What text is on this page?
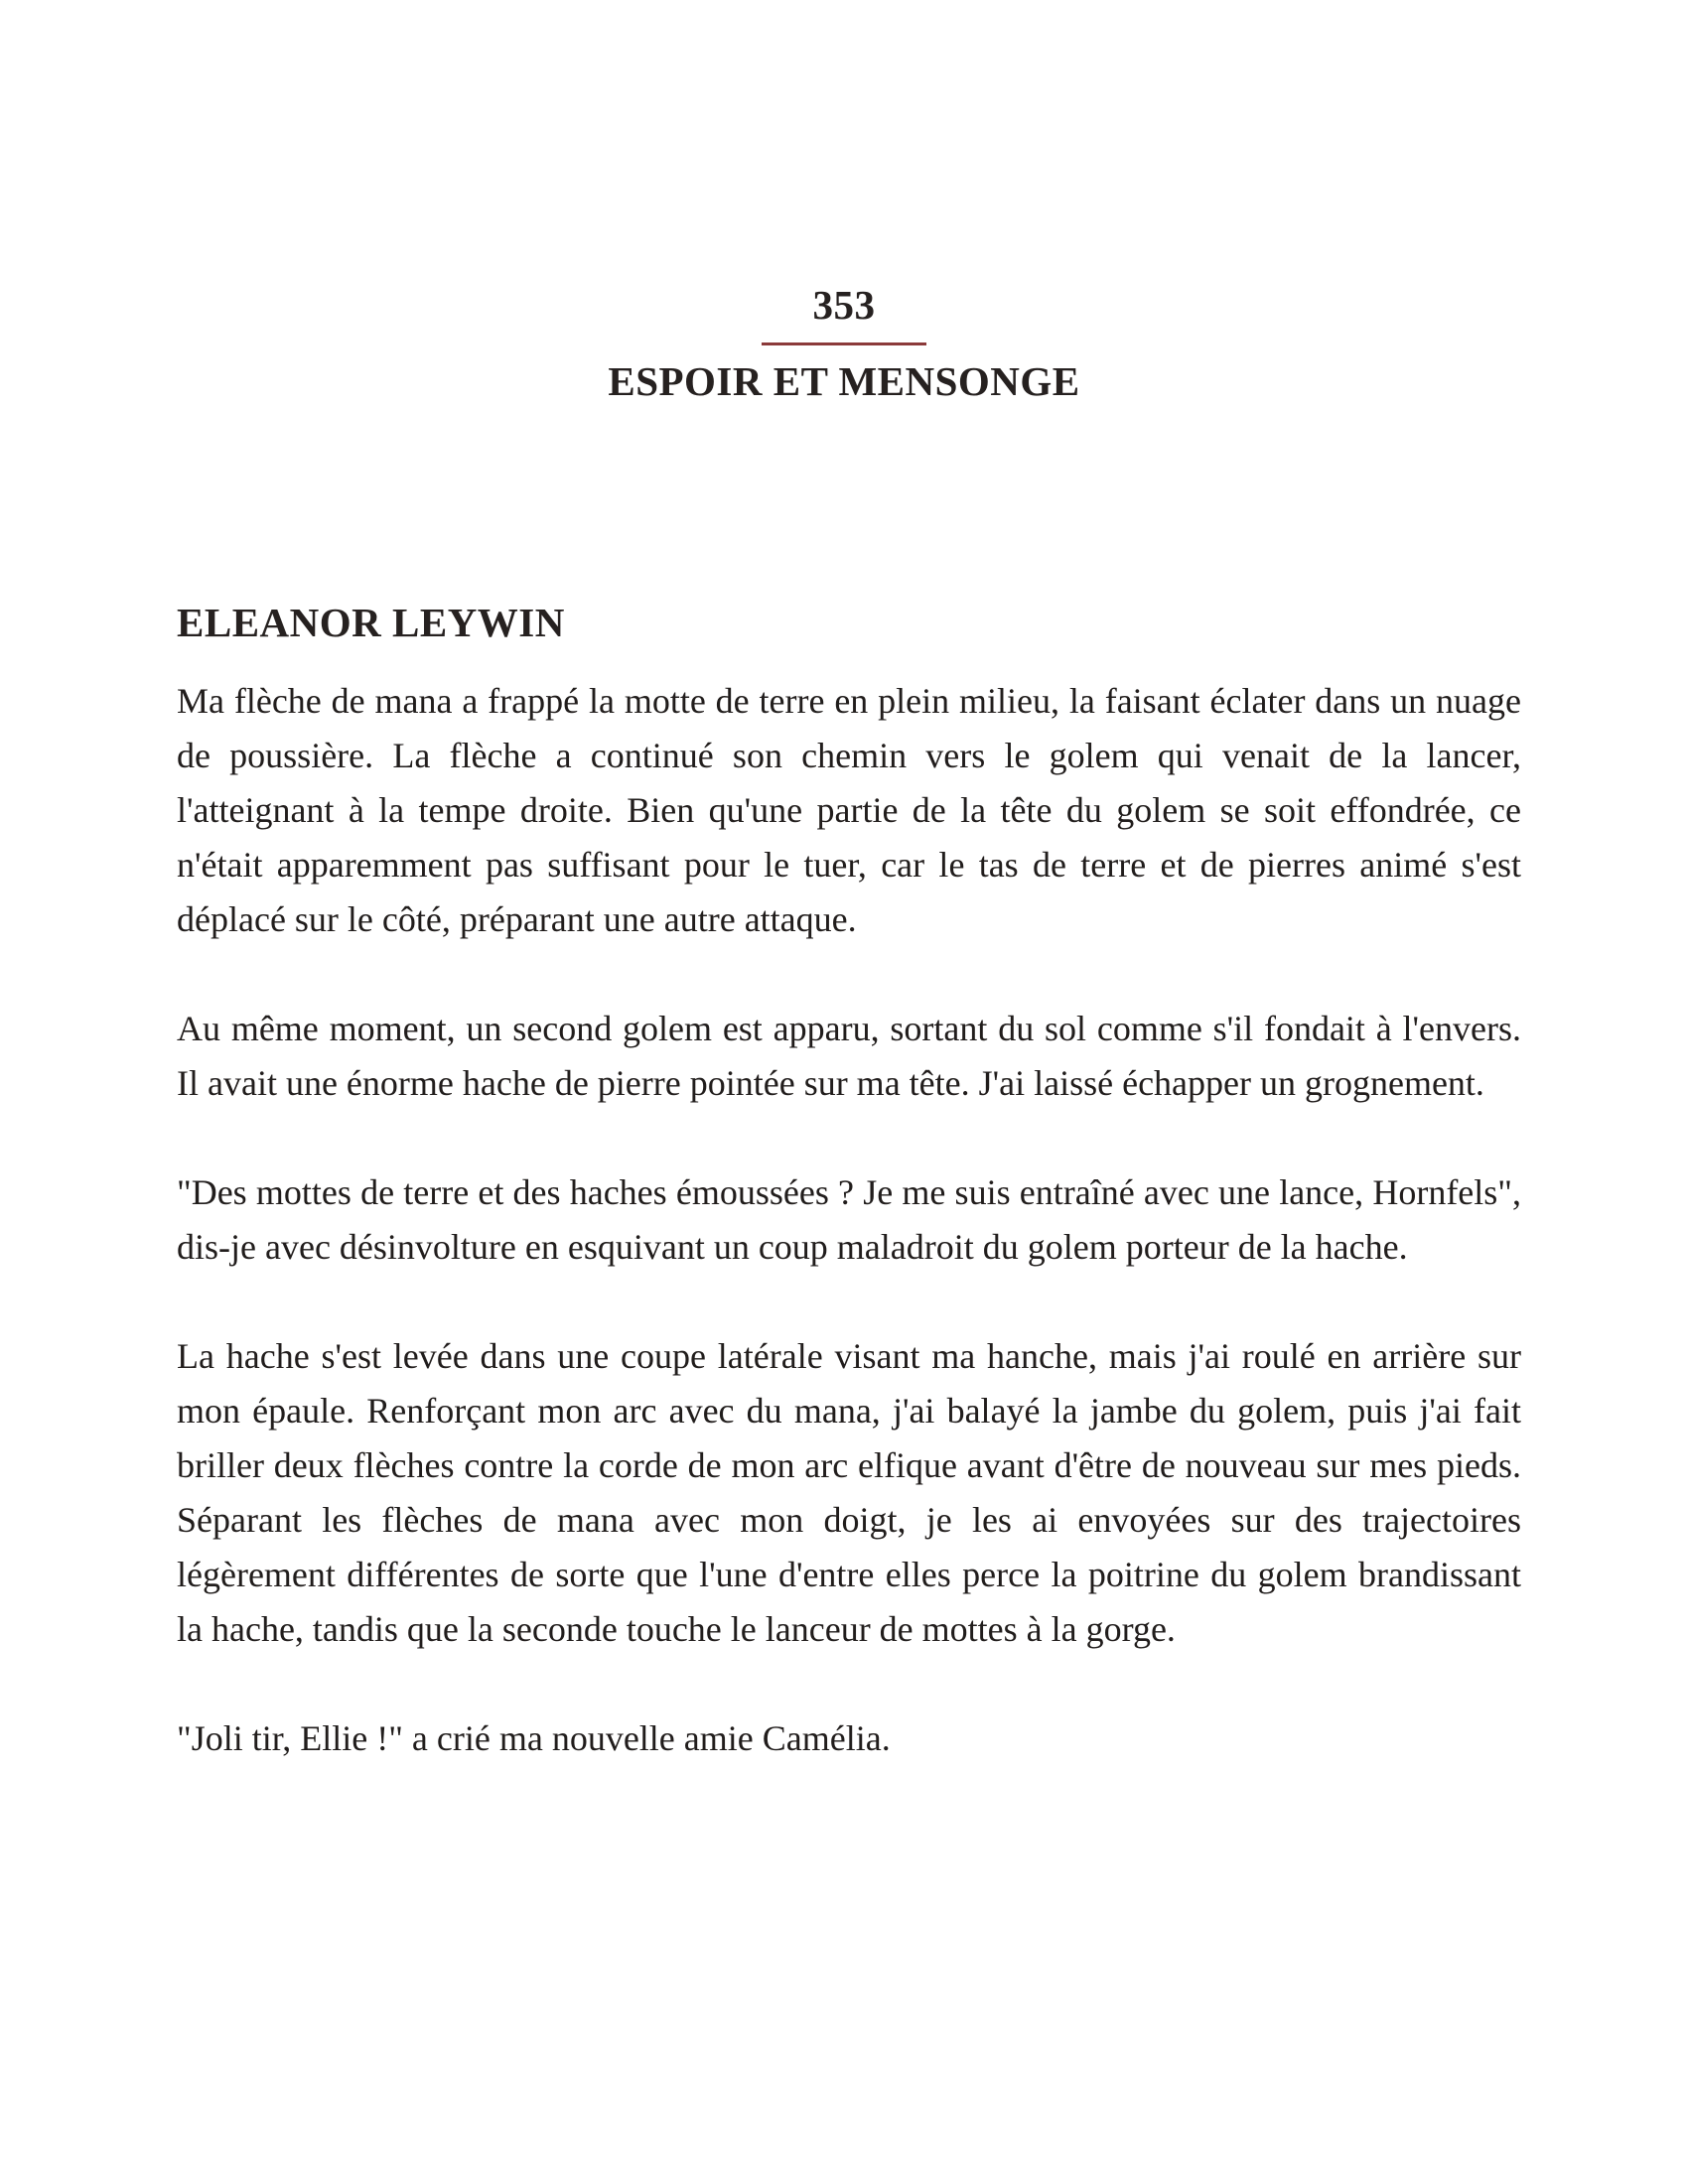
353
ESPOIR ET MENSONGE
ELEANOR LEYWIN

Ma flèche de mana a frappé la motte de terre en plein milieu, la faisant éclater dans un nuage de poussière. La flèche a continué son chemin vers le golem qui venait de la lancer, l'atteignant à la tempe droite. Bien qu'une partie de la tête du golem se soit effondrée, ce n'était apparemment pas suffisant pour le tuer, car le tas de terre et de pierres animé s'est déplacé sur le côté, préparant une autre attaque.

Au même moment, un second golem est apparu, sortant du sol comme s'il fondait à l'envers. Il avait une énorme hache de pierre pointée sur ma tête. J'ai laissé échapper un grognement.

"Des mottes de terre et des haches émoussées ? Je me suis entraîné avec une lance, Hornfels", dis-je avec désinvolture en esquivant un coup maladroit du golem porteur de la hache.

La hache s'est levée dans une coupe latérale visant ma hanche, mais j'ai roulé en arrière sur mon épaule. Renforçant mon arc avec du mana, j'ai balayé la jambe du golem, puis j'ai fait briller deux flèches contre la corde de mon arc elfique avant d'être de nouveau sur mes pieds. Séparant les flèches de mana avec mon doigt, je les ai envoyées sur des trajectoires légèrement différentes de sorte que l'une d'entre elles perce la poitrine du golem brandissant la hache, tandis que la seconde touche le lanceur de mottes à la gorge.

"Joli tir, Ellie !" a crié ma nouvelle amie Camélia.
